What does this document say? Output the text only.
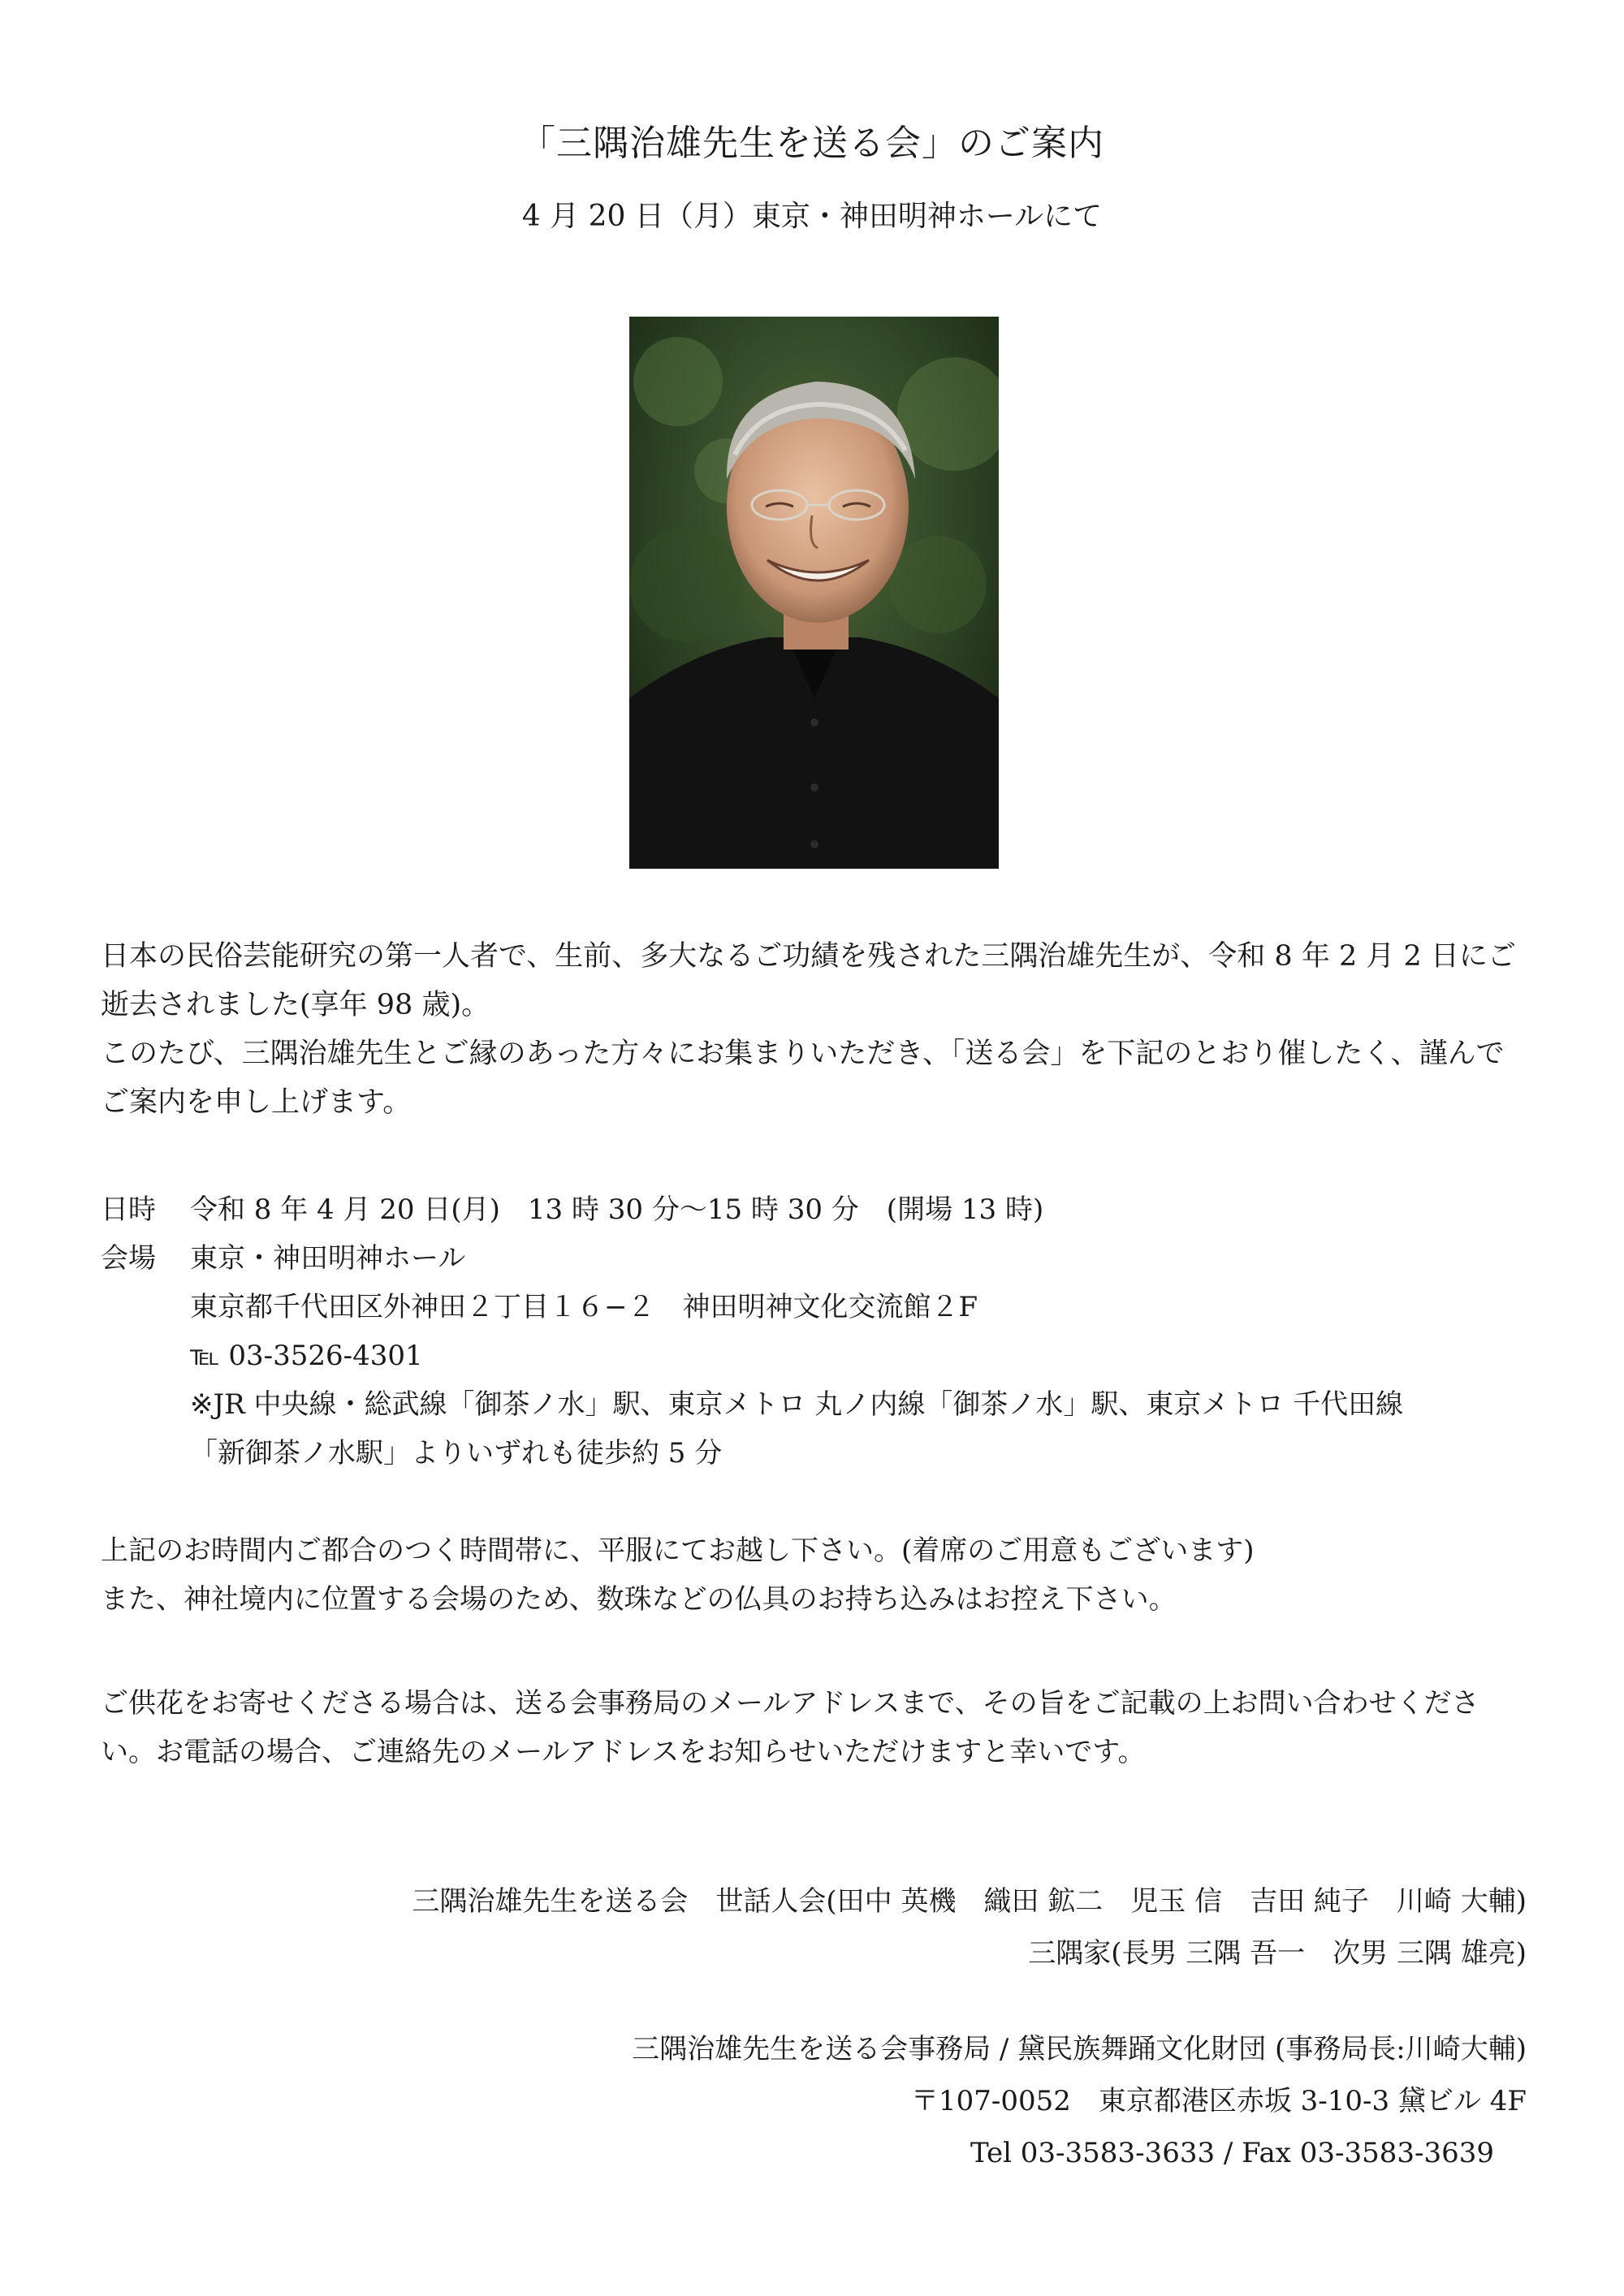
「三隅治雄先生を送る会」のご案内
4 月 20 日（月）東京・神田明神ホールにて

日本の民俗芸能研究の第一人者で、生前、多大なるご功績を残された三隅治雄先生が、令和 8 年 2 月 2 日にご逝去されました(享年 98 歳)。

このたび、三隅治雄先生とご縁のあった方々にお集まりいただき、「送る会」を下記のとおり催したく、謹んでご案内を申し上げます。

日時	令和 8 年 4 月 20 日(月)　13 時 30 分〜15 時 30 分　(開場 13 時)
会場	東京・神田明神ホール
東京都千代田区外神田２丁目１６−２　神田明神文化交流館２F
℡ 03-3526-4301
※JR 中央線・総武線「御茶ノ水」駅、東京メトロ 丸ノ内線「御茶ノ水」駅、東京メトロ 千代田線
「新御茶ノ水駅」よりいずれも徒歩約 5 分

上記のお時間内ご都合のつく時間帯に、平服にてお越し下さい。(着席のご用意もございます)

また、神社境内に位置する会場のため、数珠などの仏具のお持ち込みはお控え下さい。

ご供花をお寄せくださる場合は、送る会事務局のメールアドレスまで、その旨をご記載の上お問い合わせください。お電話の場合、ご連絡先のメールアドレスをお知らせいただけますと幸いです。

三隅治雄先生を送る会　世話人会(田中 英機　織田 鉱二　児玉 信　吉田 純子　川崎 大輔)
三隅家(長男 三隅 吾一　次男 三隅 雄亮)
三隅治雄先生を送る会事務局 / 黛民族舞踊文化財団 (事務局長:川崎大輔)
〒107-0052　東京都港区赤坂 3-10-3 黛ビル 4F
Tel 03-3583-3633 / Fax 03-3583-3639
